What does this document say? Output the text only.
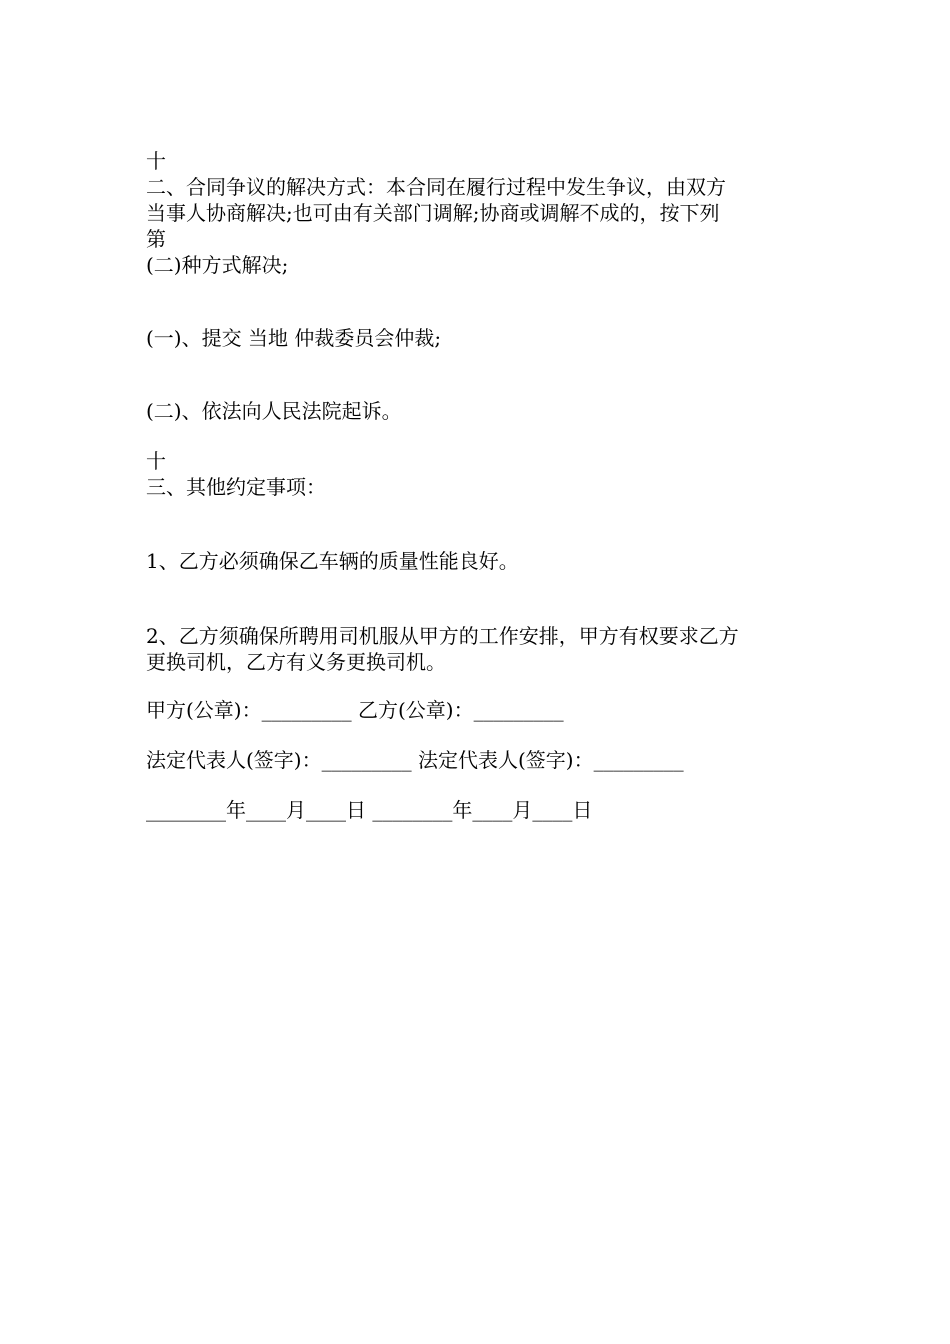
十
二、合同争议的解决方式：本合同在履行过程中发生争议，由双方
当事人协商解决;也可由有关部门调解;协商或调解不成的，按下列
第
(二)种方式解决;
(一)、提交 当地 仲裁委员会仲裁;
(二)、依法向人民法院起诉。
十
三、其他约定事项：
1、乙方必须确保乙车辆的质量性能良好。
2、乙方须确保所聘用司机服从甲方的工作安排，甲方有权要求乙方
更换司机，乙方有义务更换司机。
甲方(公章)：_________ 乙方(公章)：_________
法定代表人(签字)：_________ 法定代表人(签字)：_________
________年____月____日 ________年____月____日
